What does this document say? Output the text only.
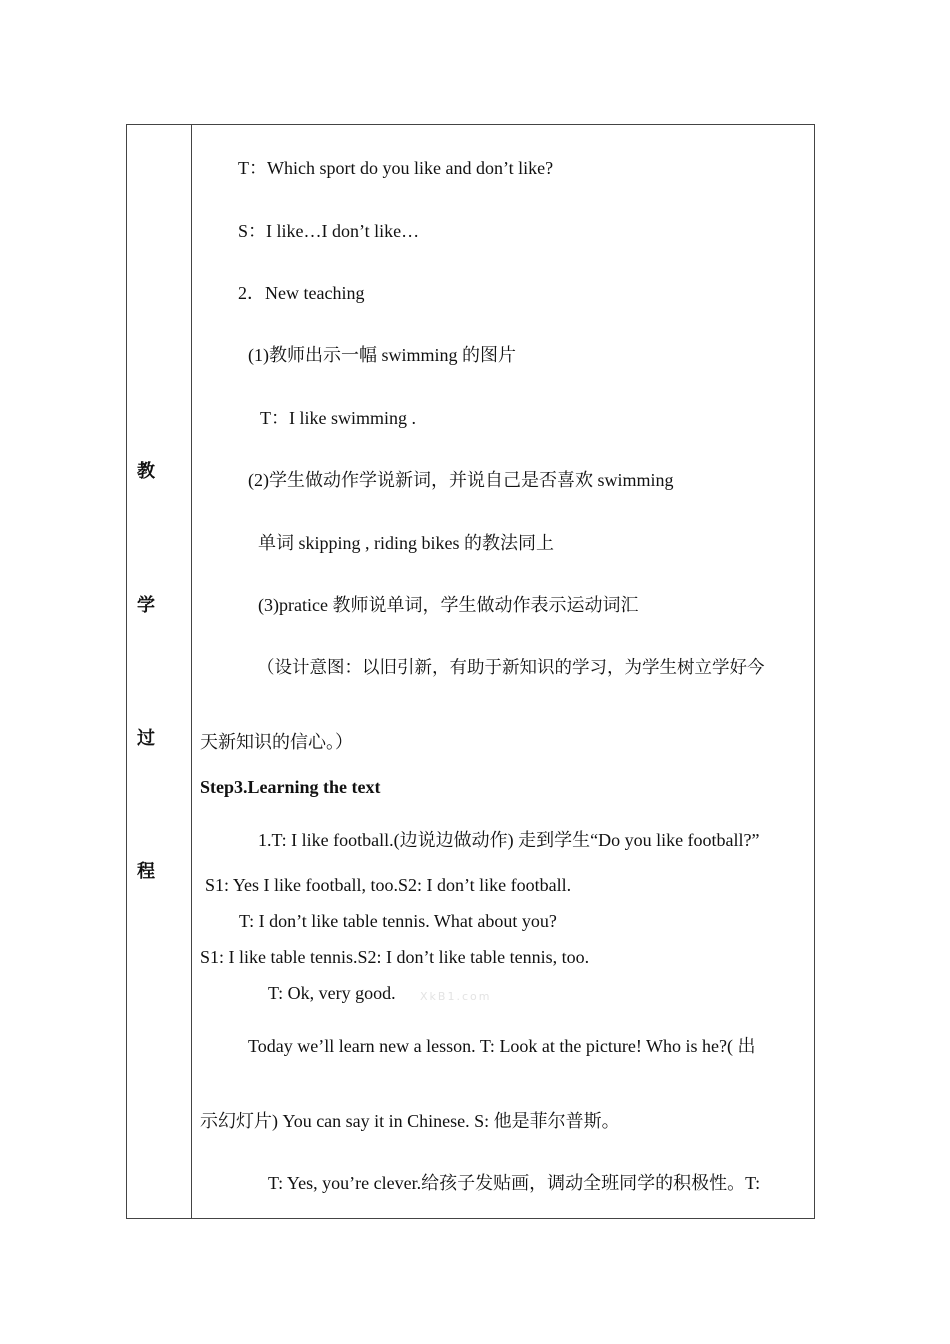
教
学
过
程
T：Which sport do you like and don’t like?
S：I like…I don’t like…
2．New teaching
(1)教师出示一幅 swimming 的图片
T：I like swimming .
(2)学生做动作学说新词，并说自己是否喜欢 swimming
单词 skipping , riding bikes 的教法同上
(3)pratice 教师说单词，学生做动作表示运动词汇
（设计意图：以旧引新，有助于新知识的学习，为学生树立学好今
天新知识的信心。）
Step3.Learning the text
1.T: I like football.(边说边做动作) 走到学生“Do you like football?”
S1: Yes I like football, too.S2: I don’t like football.
T: I don’t like table tennis. What about you?
S1: I like table tennis.S2: I don’t like table tennis, too.
T: Ok, very good. XkB1.com
Today we’ll learn new a lesson. T: Look at the picture! Who is he?( 出
示幻灯片) You can say it in Chinese. S: 他是菲尔普斯。
T: Yes, you’re clever.给孩子发贴画，调动全班同学的积极性。T:
